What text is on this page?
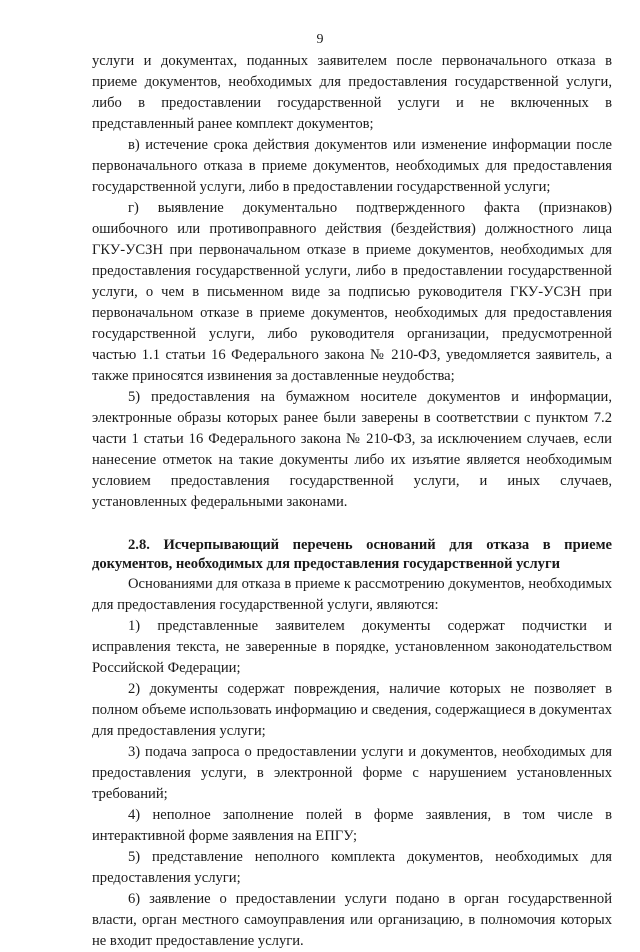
9

услуги и документах, поданных заявителем после первоначального отказа в приеме документов, необходимых для предоставления государственной услуги, либо в предоставлении государственной услуги и не включенных в представленный ранее комплект документов;

в) истечение срока действия документов или изменение информации после первоначального отказа в приеме документов, необходимых для предоставления государственной услуги, либо в предоставлении государственной услуги;

г) выявление документально подтвержденного факта (признаков) ошибочного или противоправного действия (бездействия) должностного лица ГКУ-УСЗН при первоначальном отказе в приеме документов, необходимых для предоставления государственной услуги, либо в предоставлении государственной услуги, о чем в письменном виде за подписью руководителя ГКУ-УСЗН при первоначальном отказе в приеме документов, необходимых для предоставления государственной услуги, либо руководителя организации, предусмотренной частью 1.1 статьи 16 Федерального закона № 210-ФЗ, уведомляется заявитель, а также приносятся извинения за доставленные неудобства;

5) предоставления на бумажном носителе документов и информации, электронные образы которых ранее были заверены в соответствии с пунктом 7.2 части 1 статьи 16 Федерального закона № 210-ФЗ, за исключением случаев, если нанесение отметок на такие документы либо их изъятие является необходимым условием предоставления государственной услуги, и иных случаев, установленных федеральными законами.

2.8. Исчерпывающий перечень оснований для отказа в приеме документов, необходимых для предоставления государственной услуги

Основаниями для отказа в приеме к рассмотрению документов, необходимых для предоставления государственной услуги, являются:

1) представленные заявителем документы содержат подчистки и исправления текста, не заверенные в порядке, установленном законодательством Российской Федерации;

2) документы содержат повреждения, наличие которых не позволяет в полном объеме использовать информацию и сведения, содержащиеся в документах для предоставления услуги;

3) подача запроса о предоставлении услуги и документов, необходимых для предоставления услуги, в электронной форме с нарушением установленных требований;

4) неполное заполнение полей в форме заявления, в том числе в интерактивной форме заявления на ЕПГУ;

5) представление неполного комплекта документов, необходимых для предоставления услуги;

6) заявление о предоставлении услуги подано в орган государственной власти, орган местного самоуправления или организацию, в полномочия которых не входит предоставление услуги.
